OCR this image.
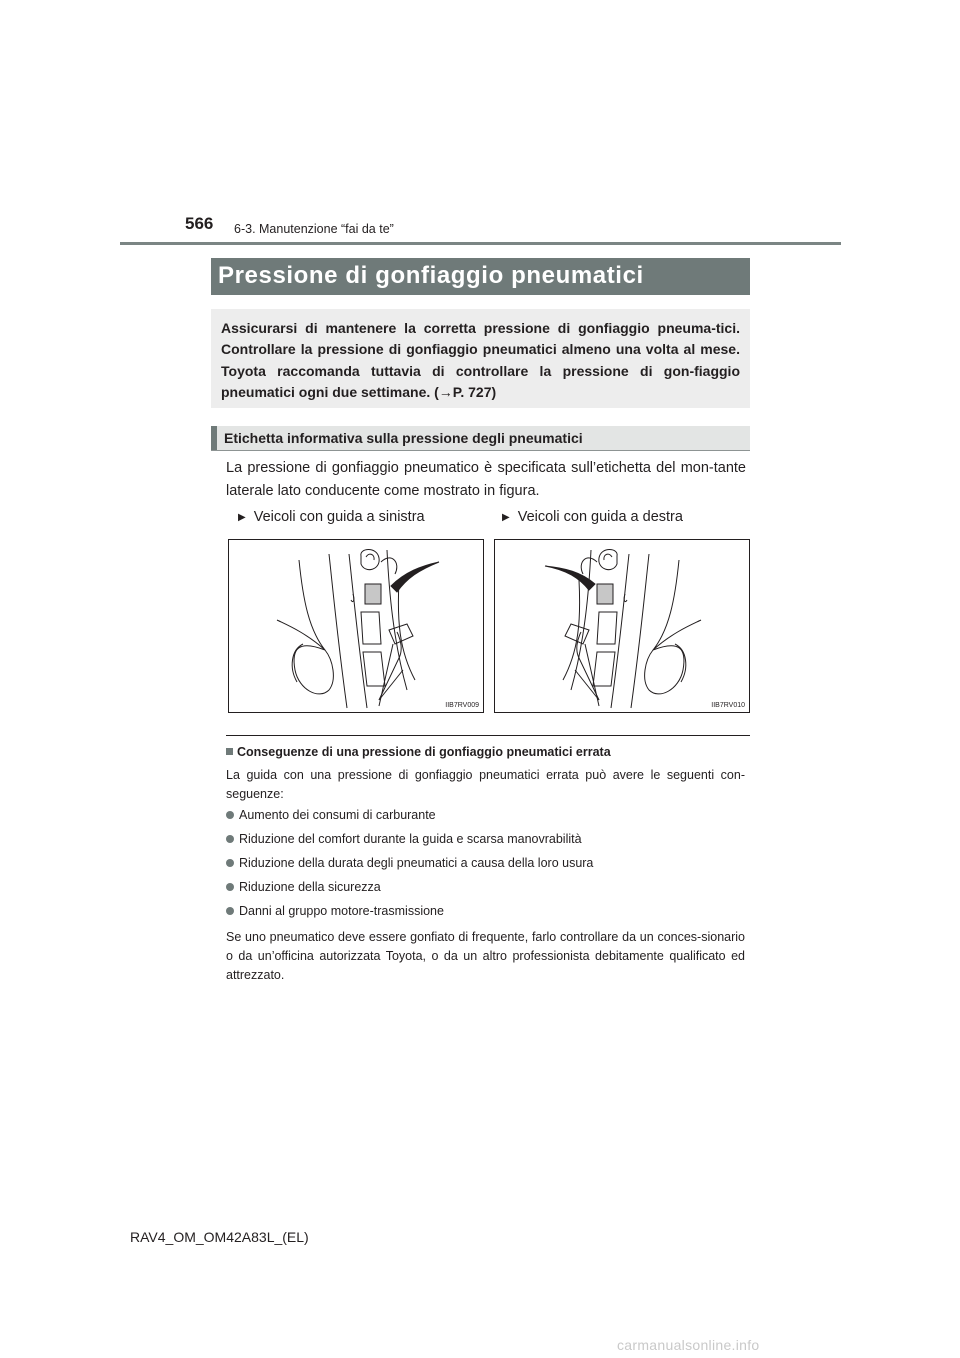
566 6-3. Manutenzione “fai da te”
Pressione di gonfiaggio pneumatici

Assicurarsi di mantenere la corretta pressione di gonfiaggio pneuma-tici. Controllare la pressione di gonfiaggio pneumatici almeno una volta al mese. Toyota raccomanda tuttavia di controllare la pressione di gon-fiaggio pneumatici ogni due settimane. (→P. 727)

Etichetta informativa sulla pressione degli pneumatici

La pressione di gonfiaggio pneumatico è specificata sull’etichetta del mon-tante laterale lato conducente come mostrato in figura.

▶ Veicoli con guida a sinistra	▶ Veicoli con guida a destra
IIB7RV009	IIB7RV010
Conseguenze di una pressione di gonfiaggio pneumatici errata

La guida con una pressione di gonfiaggio pneumatici errata può avere le seguenti con-seguenze:

Aumento dei consumi di carburante
Riduzione del comfort durante la guida e scarsa manovrabilità
Riduzione della durata degli pneumatici a causa della loro usura
Riduzione della sicurezza
Danni al gruppo motore-trasmissione

Se uno pneumatico deve essere gonfiato di frequente, farlo controllare da un conces-sionario o da un’officina autorizzata Toyota, o da un altro professionista debitamente qualificato ed attrezzato.

RAV4_OM_OM42A83L_(EL)
carmanualsonline.info
